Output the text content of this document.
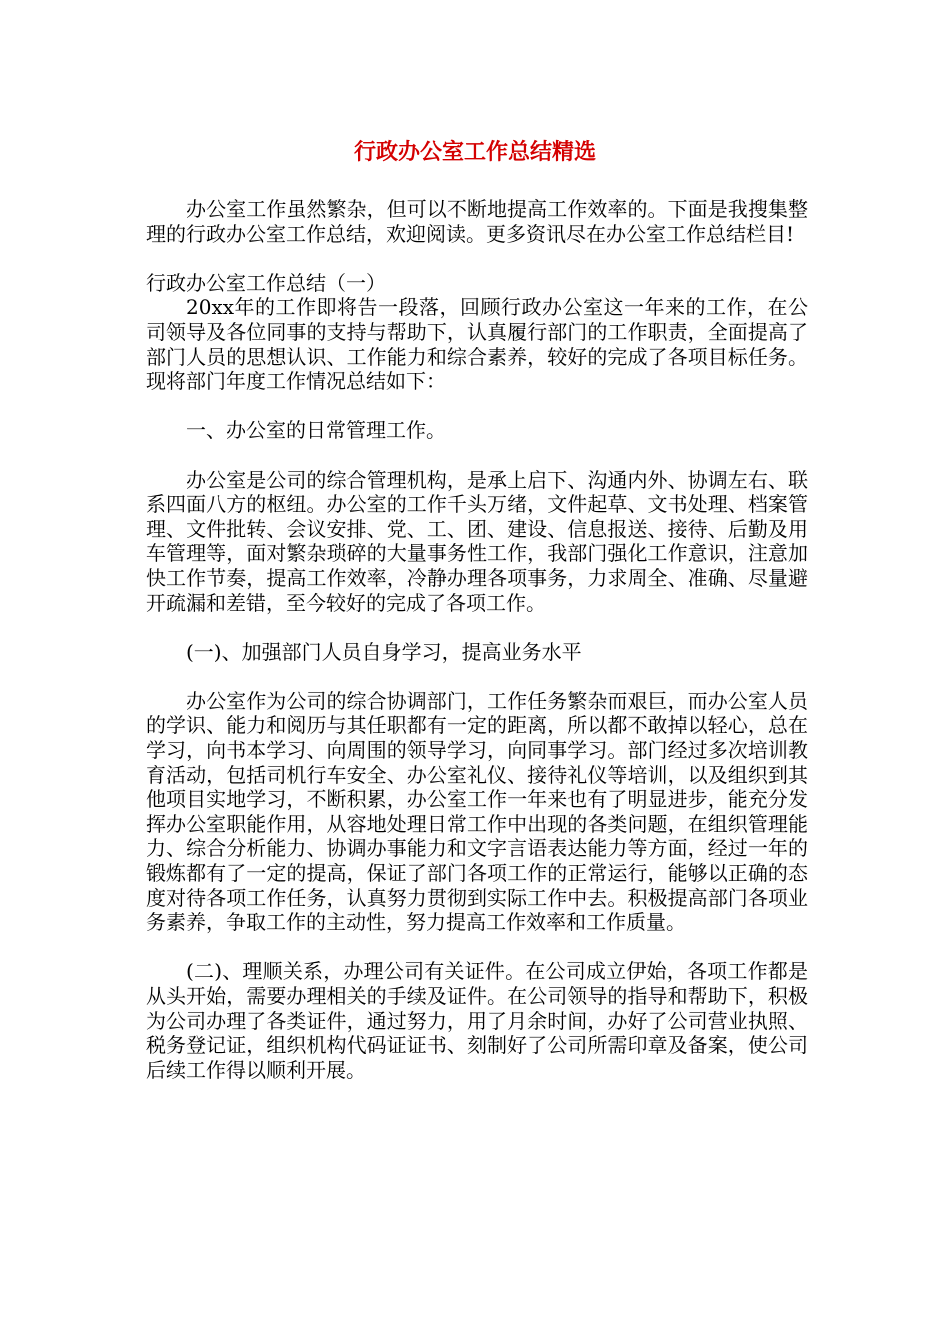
行政办公室工作总结精选

办公室工作虽然繁杂，但可以不断地提高工作效率的。下面是我搜集整理的行政办公室工作总结，欢迎阅读。更多资讯尽在办公室工作总结栏目!

行政办公室工作总结（一）

20xx年的工作即将告一段落，回顾行政办公室这一年来的工作，在公司领导及各位同事的支持与帮助下，认真履行部门的工作职责，全面提高了部门人员的思想认识、工作能力和综合素养，较好的完成了各项目标任务。现将部门年度工作情况总结如下：

一、办公室的日常管理工作。

办公室是公司的综合管理机构，是承上启下、沟通内外、协调左右、联系四面八方的枢纽。办公室的工作千头万绪，文件起草、文书处理、档案管理、文件批转、会议安排、党、工、团、建设、信息报送、接待、后勤及用车管理等，面对繁杂琐碎的大量事务性工作，我部门强化工作意识，注意加快工作节奏，提高工作效率，冷静办理各项事务，力求周全、准确、尽量避开疏漏和差错，至今较好的完成了各项工作。

(一)、加强部门人员自身学习，提高业务水平

办公室作为公司的综合协调部门，工作任务繁杂而艰巨，而办公室人员的学识、能力和阅历与其任职都有一定的距离，所以都不敢掉以轻心，总在学习，向书本学习、向周围的领导学习，向同事学习。部门经过多次培训教育活动，包括司机行车安全、办公室礼仪、接待礼仪等培训，以及组织到其他项目实地学习，不断积累，办公室工作一年来也有了明显进步，能充分发挥办公室职能作用，从容地处理日常工作中出现的各类问题，在组织管理能力、综合分析能力、协调办事能力和文字言语表达能力等方面，经过一年的锻炼都有了一定的提高，保证了部门各项工作的正常运行，能够以正确的态度对待各项工作任务，认真努力贯彻到实际工作中去。积极提高部门各项业务素养，争取工作的主动性，努力提高工作效率和工作质量。

(二)、理顺关系，办理公司有关证件。在公司成立伊始，各项工作都是从头开始，需要办理相关的手续及证件。在公司领导的指导和帮助下，积极为公司办理了各类证件，通过努力，用了月余时间，办好了公司营业执照、税务登记证，组织机构代码证证书、刻制好了公司所需印章及备案，使公司后续工作得以顺利开展。
